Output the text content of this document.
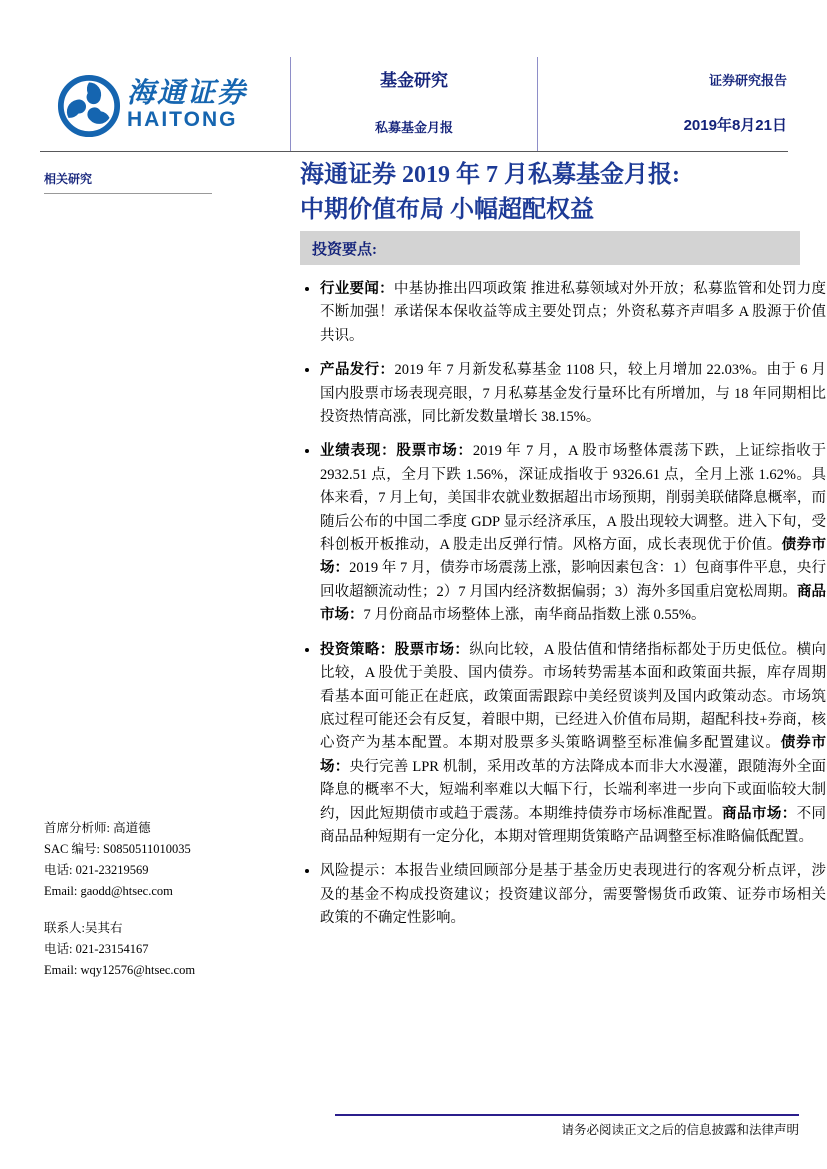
海通证券
HAITONG
基金研究
私募基金月报
证券研究报告
2019年8月21日
相关研究
首席分析师: 高道德
SAC 编号: S0850511010035
电话: 021-23219569
Email: gaodd@htsec.com
联系人:吴其右
电话: 021-23154167
Email: wqy12576@htsec.com
海通证券 2019 年 7 月私募基金月报:
中期价值布局 小幅超配权益
投资要点:
• 行业要闻：中基协推出四项政策 推进私募领域对外开放；私募监管和处罚力度不断加强！承诺保本保收益等成主要处罚点；外资私募齐声唱多 A 股源于价值共识。
• 产品发行：2019 年 7 月新发私募基金 1108 只，较上月增加 22.03%。由于 6 月国内股票市场表现亮眼，7 月私募基金发行量环比有所增加，与 18 年同期相比投资热情高涨，同比新发数量增长 38.15%。
• 业绩表现：股票市场：2019 年 7 月，A 股市场整体震荡下跌，上证综指收于 2932.51 点，全月下跌 1.56%，深证成指收于 9326.61 点，全月上涨 1.62%。具体来看，7 月上旬，美国非农就业数据超出市场预期，削弱美联储降息概率，而随后公布的中国二季度 GDP 显示经济承压，A 股出现较大调整。进入下旬，受科创板开板推动，A 股走出反弹行情。风格方面，成长表现优于价值。债券市场：2019 年 7 月，债券市场震荡上涨，影响因素包含：1）包商事件平息，央行回收超额流动性；2）7 月国内经济数据偏弱；3）海外多国重启宽松周期。商品市场：7 月份商品市场整体上涨，南华商品指数上涨 0.55%。
• 投资策略：股票市场：纵向比较，A 股估值和情绪指标都处于历史低位。横向比较，A 股优于美股、国内债券。市场转势需基本面和政策面共振，库存周期看基本面可能正在赶底，政策面需跟踪中美经贸谈判及国内政策动态。市场筑底过程可能还会有反复，着眼中期，已经进入价值布局期，超配科技+券商，核心资产为基本配置。本期对股票多头策略调整至标准偏多配置建议。债券市场：央行完善 LPR 机制，采用改革的方法降成本而非大水漫灌，跟随海外全面降息的概率不大，短端利率难以大幅下行，长端利率进一步向下或面临较大制约，因此短期债市或趋于震荡。本期维持债券市场标准配置。商品市场：不同商品品种短期有一定分化，本期对管理期货策略产品调整至标准略偏低配置。
• 风险提示：本报告业绩回顾部分是基于基金历史表现进行的客观分析点评，涉及的基金不构成投资建议；投资建议部分，需要警惕货币政策、证券市场相关政策的不确定性影响。
请务必阅读正文之后的信息披露和法律声明
